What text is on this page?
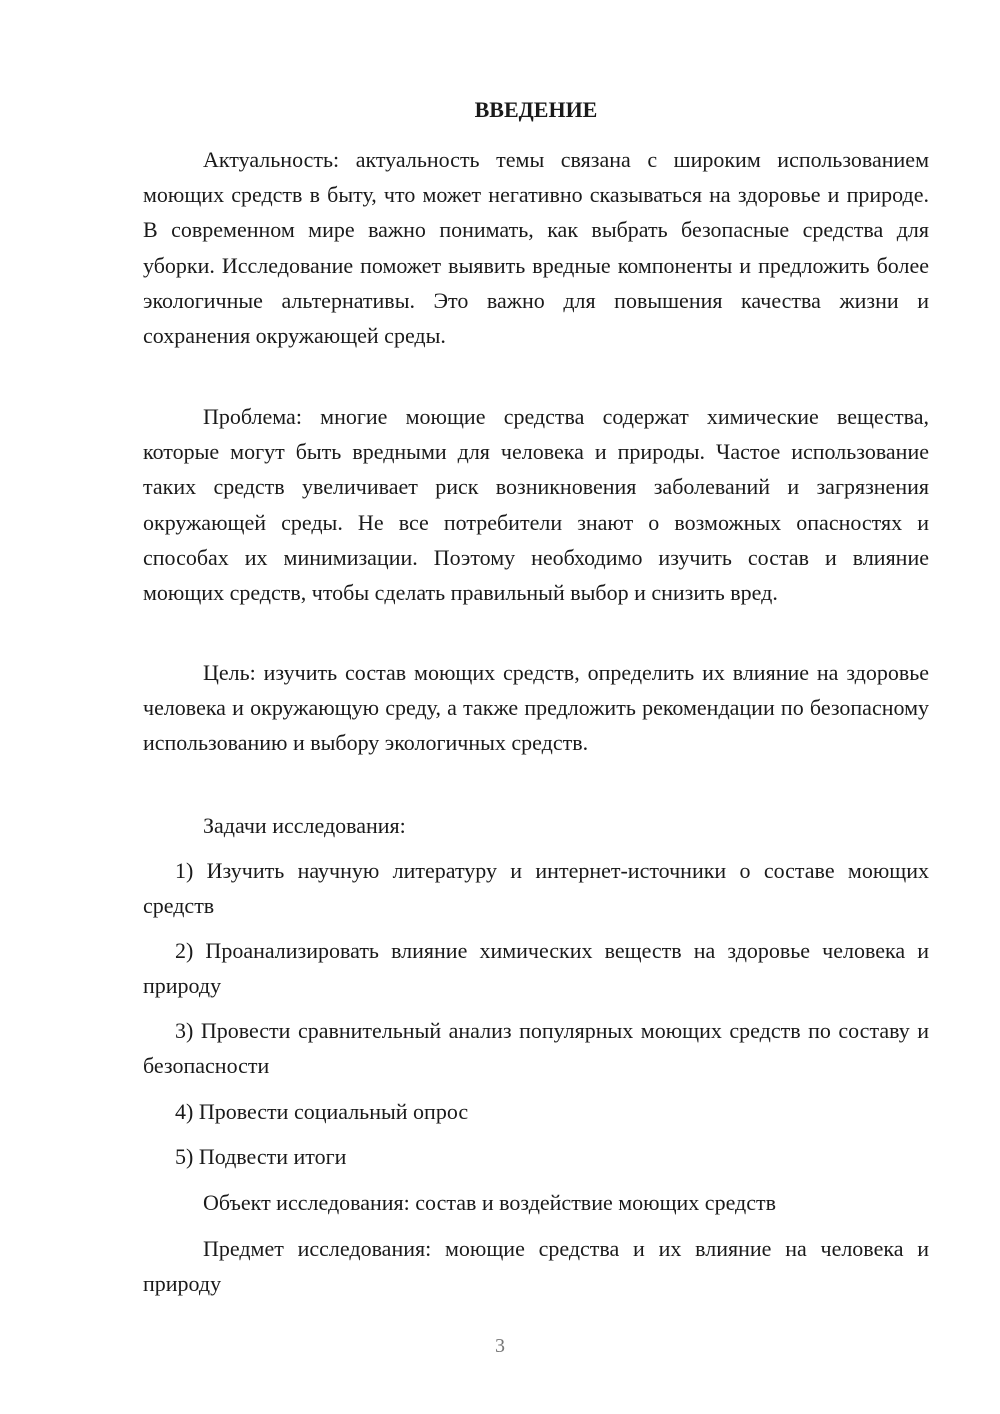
ВВЕДЕНИЕ

Актуальность: актуальность темы связана с широким использованием моющих средств в быту, что может негативно сказываться на здоровье и природе. В современном мире важно понимать, как выбрать безопасные средства для уборки. Исследование поможет выявить вредные компоненты и предложить более экологичные альтернативы. Это важно для повышения качества жизни и сохранения окружающей среды.

Проблема: многие моющие средства содержат химические вещества, которые могут быть вредными для человека и природы. Частое использование таких средств увеличивает риск возникновения заболеваний и загрязнения окружающей среды. Не все потребители знают о возможных опасностях и способах их минимизации. Поэтому необходимо изучить состав и влияние моющих средств, чтобы сделать правильный выбор и снизить вред.

Цель: изучить состав моющих средств, определить их влияние на здоровье человека и окружающую среду, а также предложить рекомендации по безопасному использованию и выбору экологичных средств.

Задачи исследования:

1) Изучить научную литературу и интернет-источники о составе моющих средств

2) Проанализировать влияние химических веществ на здоровье человека и природу

3) Провести сравнительный анализ популярных моющих средств по составу и безопасности

4) Провести социальный опрос

5) Подвести итоги

Объект исследования: состав и воздействие моющих средств

Предмет исследования: моющие средства и их влияние на человека и природу

3
